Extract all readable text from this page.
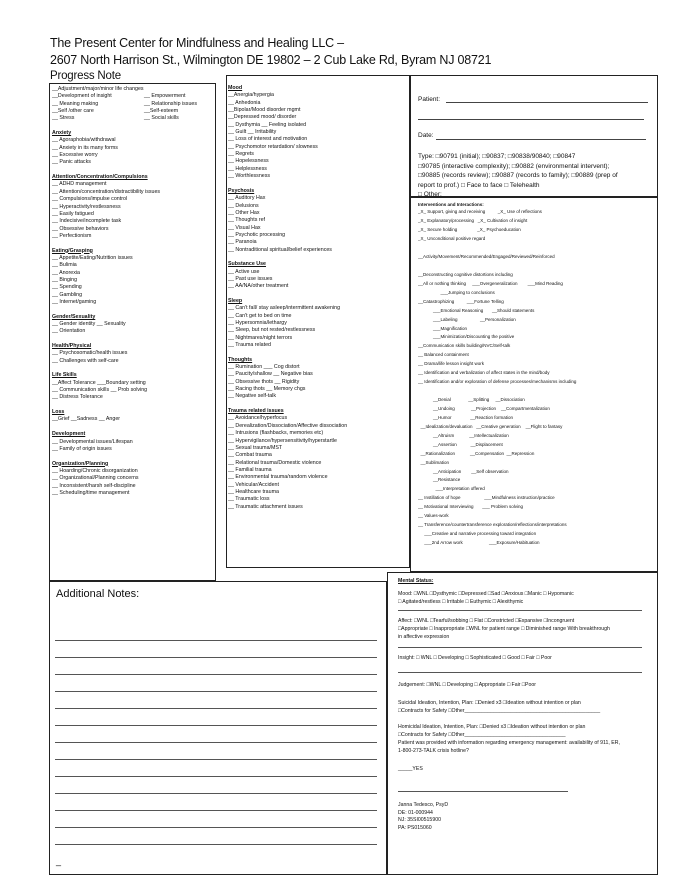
The Present Center for Mindfulness and Healing LLC –
2607 North Harrison St., Wilmington DE 19802 – 2 Cub Lake Rd, Byram NJ 08721
Progress Note
__Adjustment/major/minor life changes
__Development of insight	__ Empowerment
__ Meaning making	__ Relationship issues
__Self /other care	__Self-esteem
__ Stress	__ Social skills
Anxiety
__ Agoraphobia/withdrawal
__ Anxiety in its many forms
__ Excessive worry
__ Panic attacks
Attention/Concentration/Compulsions
__ ADHD management
__ Attention/concentration/distractibility issues
__ Compulsions/impulse control
__ Hyperactivity/restlessness
__ Easily fatigued
__ Indecisive/incomplete task
__ Obsessive behaviors
__ Perfectionism
Eating/Grasping
__ Appetite/Eating/Nutrition issues
__ Bulimia
__ Anorexia
__ Binging
__ Spending
__ Gambling
__ Internet/gaming
Gender/Sexuality
__ Gender identity __ Sexuality
__ Orientation
Health/Physical
__ Psychosomatic/health issues
__ Challenges with self-care
Life Skills
__Affect Tolerance ___Boundary setting
__ Communication skills __ Prob solving
__ Distress Tolerance
Loss
__Grief __Sadness __ Anger
Development
__ Developmental issues/Lifespan
__ Family of origin issues
Organization/Planning
__ Hoarding/Chronic disorganization
__ Organizational/Planning concerns
__ Inconsistent/harsh self-discipline
__ Scheduling/time management
Mood
__Anergia/hypergia
__ Anhedonia
__Bipolar/Mood disorder mgmt
__Depressed mood/ disorder
__ Dysthymia __ Feeling isolated
__ Guilt __ Irritability
__ Loss of interest and motivation
__ Psychomotor retardation/ slowness
__ Regrets
__ Hopelessness
__ Helplessness
__ Worthlessness
Psychosis
__ Auditory Hax
__ Delusions
__ Other Hax
__ Thoughts ref
__ Visual Hax
__ Psychotic processing
__ Paranoia
__ Nontraditional spiritual/belief experiences
Substance Use
__ Active use
__ Past use issues
__ AA/NA/other treatment
Sleep
__ Can't fall/ stay asleep/intermittent awakening
__ Can't get to bed on time
__ Hypersomnia/lethargy
__ Sleep, but not rested/restlessness
__ Nightmares/night terrors
__ Trauma related
Thoughts
__ Rumination ___ Cog distort
__ Paucity/shallow __ Negative bias
__ Obsessive thots __ Rigidity
__ Racing thots __ Memory chgs
__ Negative self-talk
Trauma related issues
__ Avoidance/hyperfocus
__ Derealization/Dissociation/Affective dissociation
__ Intrusions (flashbacks, memories etc)
__ Hypervigilance/hypersensitivity/hyperstartle
__ Sexual trauma/MST
__ Combat trauma
__ Relational trauma/Domestic violence
__ Familial trauma
__ Environmental trauma/random violence
__ Vehicular/Accident
__ Healthcare trauma
__ Traumatic loss
__ Traumatic attachment issues
Patient:
Date:
Type: □90791 (initial); □90837; □90838/90840; □90847
□90785 (interactive complexity); □90882 (environmental intervent);
□90885 (records review); □90887 (records to family); □90889 (prep of
report to prof.) □ Face to face □ Telehealth
□ Other:
Interventions and Interactions:
_X_ Support, giving and receiving          _X_ Use of reflections
_X_ Explanatory/processing   _X_ Cultivation of insight
_X_ Secure holding                _X_ Psychoeducation
_X_ Unconditional positive regard
__Activity/Movement/Recommended/Engaged/Reviewed/Reinforced
__Deconstructing cognitive distortions including
__All or nothing thinking     ___Overgeneralization        ___Mind Reading
___Jumping to conclusions
__Catastrophizing          ___Fortune Telling
___Emotional Reasoning       __Should statements
___Labeling                  __Personalization
___Magnification
___Minimization/Discounting the positive
__Communication skills building/NVC/Self-talk
__ Balanced containment
__ Drama/life lesson insight work
__ Identification and verbalization of affect states in the mind/body
__ Identification and/or exploration of defense processes/mechanisms including
__Denial              __Splitting     __Dissociation
__Undoing             __Projection    __Compartmentalization
__Humor               __Reaction formation
__Idealization/devaluation   __Creative generation    __Flight to fantasy
__Altruism            __Intellectualization
__Assertion           __Displacement
__Rationalization            __Compensation  __Repression
__Sublimation
__Anticipation        __Self observation
__Resistance
___Interpretation offered
__ Instillation of hope                   ___Mindfulness instruction/practice
__ Motivational Interviewing       ___ Problem solving
__ Values-work
__ Transference/countertransference exploration/reflections/interpretations
___Creative and narrative processing toward integration
___2nd Arrow work                     ___Exposure/Habituation
Additional Notes:
_
Mental Status:
Mood: □WNL □Dysthymic □Depressed □Sad □Anxious □Manic □ Hypomanic
□ Agitated/restless □ Irritable □ Euthymic □ Alexithymic
Affect: □WNL □Tearful/sobbing □ Flat □Constricted □Expansive □Incongruent
□Appropriate □ Inappropriate □WNL for patient range □ Diminished range With breakthrough
in affective expression
Insight: □ WNL □ Developing □ Sophisticated □ Good □ Fair □ Poor
Judgement: □WNL □ Developing □ Appropriate □ Fair □Poor
Suicidal Ideation, Intention, Plan: □Denied x3 □Ideation without intention or plan
□Contracts for Safety □Other_______________________________________________
Homicidal Ideation, Intention, Plan: □Denied x3 □Ideation without intention or plan
□Contracts for Safety □Other___________________________________
Patient was provided with information regarding emergency management: availability of 911, ER,
1-800-273-TALK crisis hotline?
_____YES
Janna Tedesco, PsyD
DE: 01-000944
NJ: 35SI00515900
PA: PS015060
